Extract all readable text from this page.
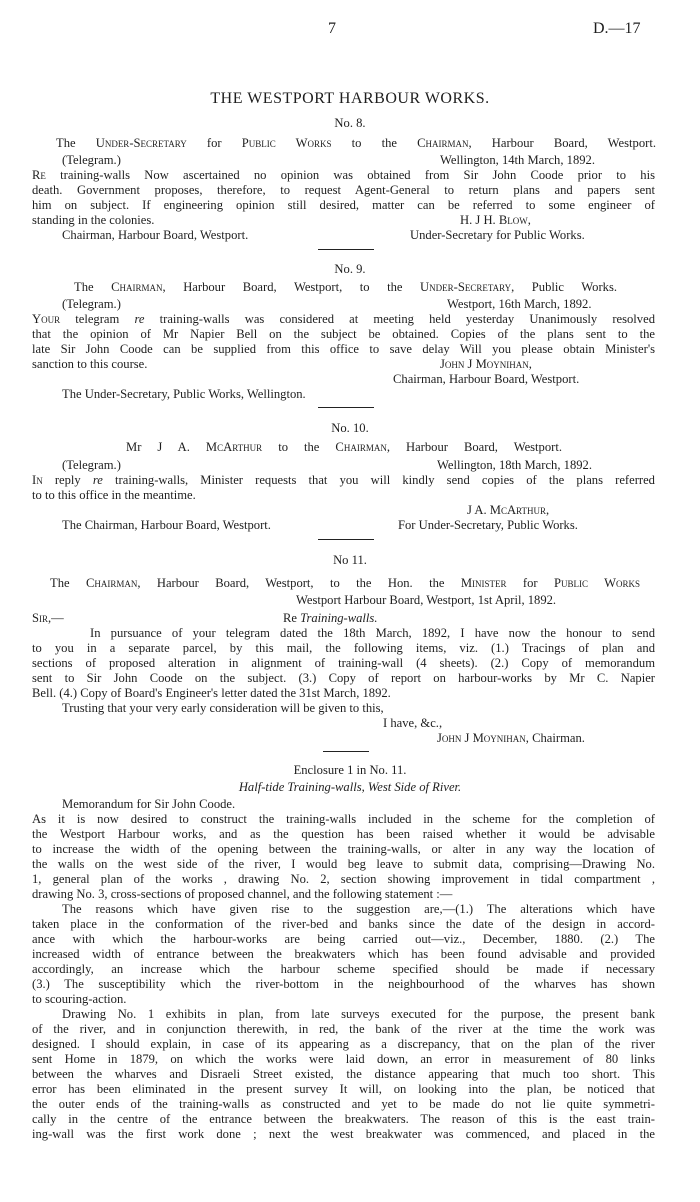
7	D.—17
THE WESTPORT HARBOUR WORKS.
No. 8.
The Under-Secretary for Public Works to the Chairman, Harbour Board, Westport.
(Telegram.)	Wellington, 14th March, 1892.
Re training-walls Now ascertained no opinion was obtained from Sir John Coode prior to his
death. Government proposes, therefore, to request Agent-General to return plans and papers sent
him on subject. If engineering opinion still desired, matter can be referred to some engineer of
standing in the colonies.	H. J H. Blow,
Chairman, Harbour Board, Westport.	Under-Secretary for Public Works.
No. 9.
The Chairman, Harbour Board, Westport, to the Under-Secretary, Public Works.
(Telegram.)	Westport, 16th March, 1892.
Your telegram re training-walls was considered at meeting held yesterday Unanimously resolved
that the opinion of Mr Napier Bell on the subject be obtained. Copies of the plans sent to the
late Sir John Coode can be supplied from this office to save delay Will you please obtain Minister's
sanction to this course.	John J Moynihan,
Chairman, Harbour Board, Westport.
The Under-Secretary, Public Works, Wellington.
No. 10.
Mr J A. McArthur to the Chairman, Harbour Board, Westport.
(Telegram.)	Wellington, 18th March, 1892.
In reply re training-walls, Minister requests that you will kindly send copies of the plans referred
to to this office in the meantime.
J A. McArthur,
The Chairman, Harbour Board, Westport.	For Under-Secretary, Public Works.
No 11.
The Chairman, Harbour Board, Westport, to the Hon. the Minister for Public Works
Westport Harbour Board, Westport, 1st April, 1892.
Sir,—	Re Training-walls.
In pursuance of your telegram dated the 18th March, 1892, I have now the honour to send
to you in a separate parcel, by this mail, the following items, viz. (1.) Tracings of plan and
sections of proposed alteration in alignment of training-wall (4 sheets). (2.) Copy of memorandum
sent to Sir John Coode on the subject. (3.) Copy of report on harbour-works by Mr C. Napier
Bell. (4.) Copy of Board's Engineer's letter dated the 31st March, 1892.
Trusting that your very early consideration will be given to this,
I have, &c.,
John J Moynihan, Chairman.
Enclosure 1 in No. 11.
Half-tide Training-walls, West Side of River.
Memorandum for Sir John Coode.
As it is now desired to construct the training-walls included in the scheme for the completion of
the Westport Harbour works, and as the question has been raised whether it would be advisable
to increase the width of the opening between the training-walls, or alter in any way the location of
the walls on the west side of the river, I would beg leave to submit data, comprising—Drawing No.
1, general plan of the works , drawing No. 2, section showing improvement in tidal compartment ,
drawing No. 3, cross-sections of proposed channel, and the following statement :—
The reasons which have given rise to the suggestion are,—(1.) The alterations which have
taken place in the conformation of the river-bed and banks since the date of the design in accord-
ance with which the harbour-works are being carried out—viz., December, 1880. (2.) The
increased width of entrance between the breakwaters which has been found advisable and provided
accordingly, an increase which the harbour scheme specified should be made if necessary
(3.) The susceptibility which the river-bottom in the neighbourhood of the wharves has shown
to scouring-action.
Drawing No. 1 exhibits in plan, from late surveys executed for the purpose, the present bank
of the river, and in conjunction therewith, in red, the bank of the river at the time the work was
designed. I should explain, in case of its appearing as a discrepancy, that on the plan of the river
sent Home in 1879, on which the works were laid down, an error in measurement of 80 links
between the wharves and Disraeli Street existed, the distance appearing that much too short. This
error has been eliminated in the present survey It will, on looking into the plan, be noticed that
the outer ends of the training-walls as constructed and yet to be made do not lie quite symmetri-
cally in the centre of the entrance between the breakwaters. The reason of this is the east train-
ing-wall was the first work done ; next the west breakwater was commenced, and placed in the
